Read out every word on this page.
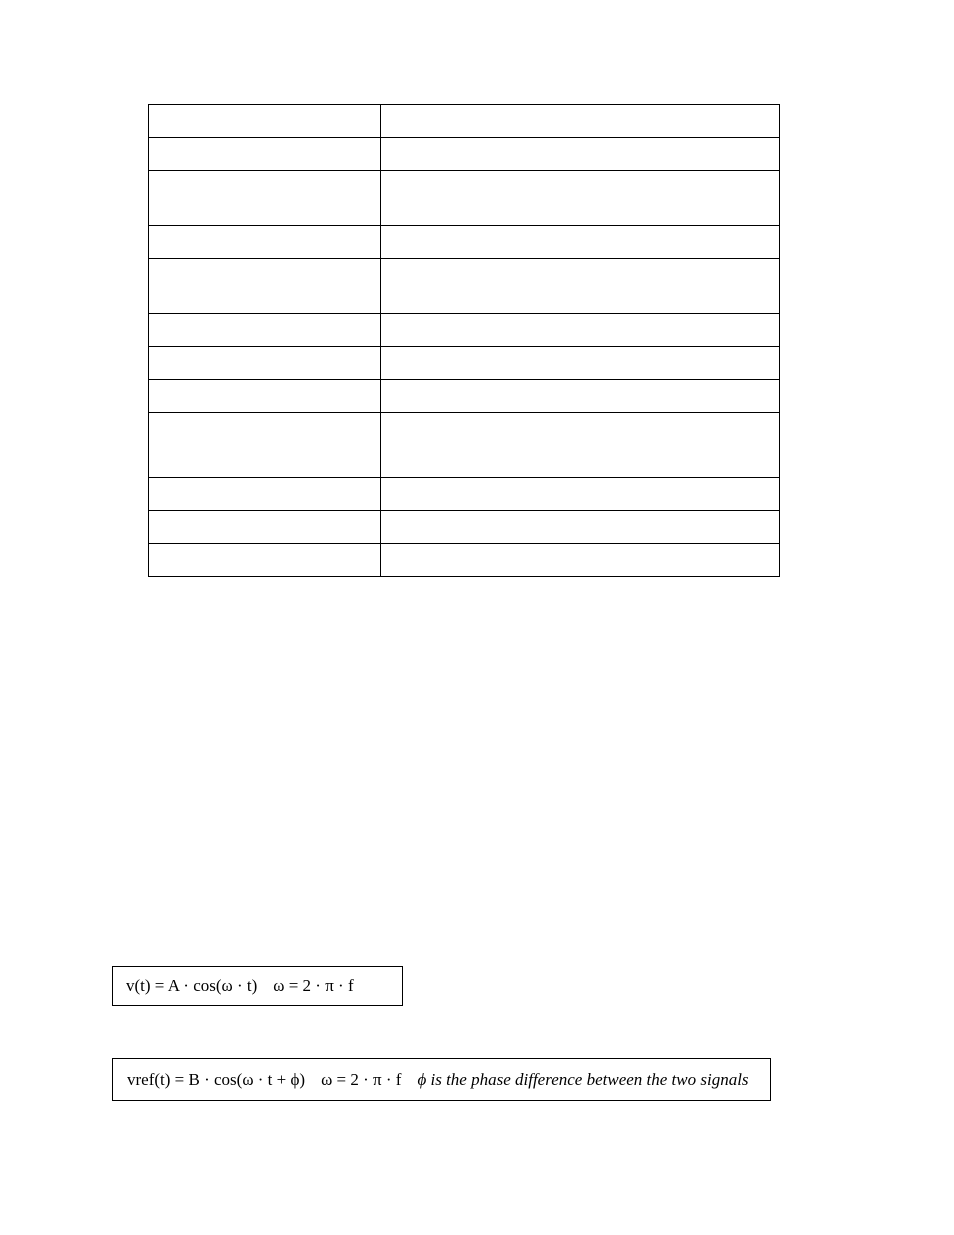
v(t) = A · cos(ω · t) ω = 2 · π · f
vref(t) = B · cos(ω · t + ϕ) ω = 2 · π · f ϕ is the phase difference between the two signals
